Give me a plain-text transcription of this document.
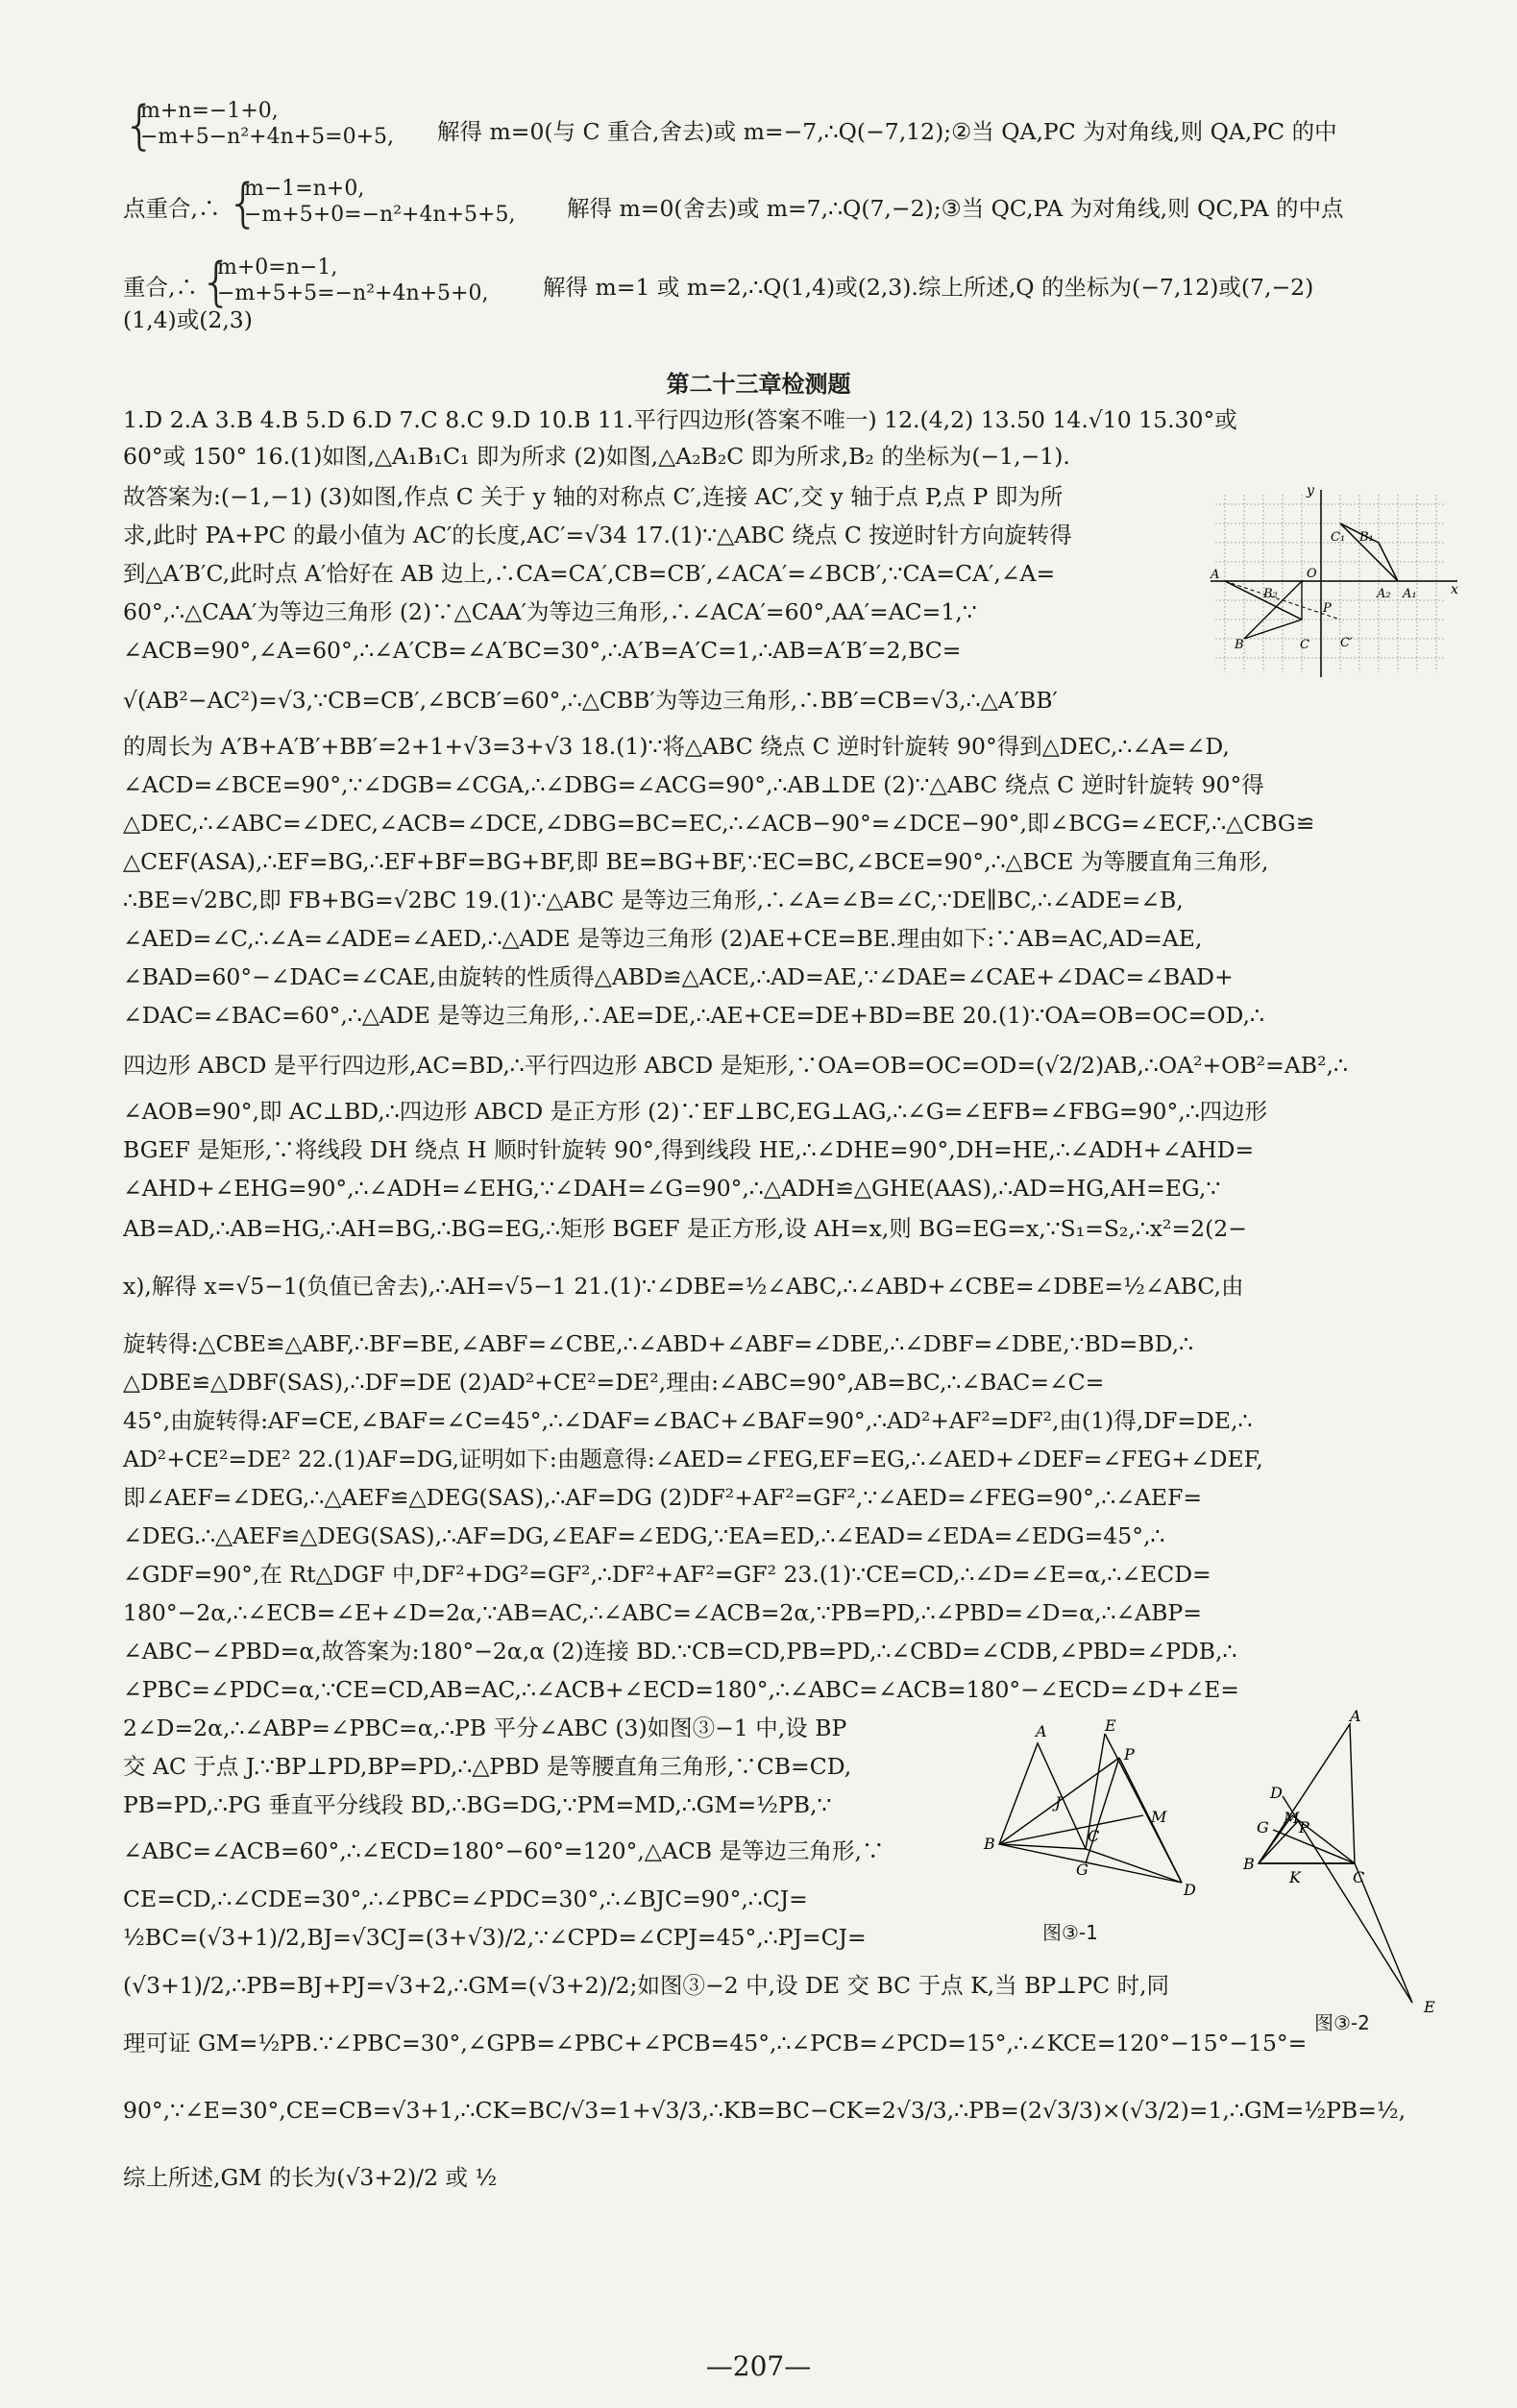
{
m+n=−1+0,
−m+5−n²+4n+5=0+5,	解得 m=0(与 C 重合,舍去)或 m=−7,∴Q(−7,12);②当 QA,PC 为对角线,则 QA,PC 的中
点重合,∴ {
m−1=n+0,
−m+5+0=−n²+4n+5+5,	解得 m=0(舍去)或 m=7,∴Q(7,−2);③当 QC,PA 为对角线,则 QC,PA 的中点
重合,∴ {
m+0=n−1,
−m+5+5=−n²+4n+5+0,	解得 m=1 或 m=2,∴Q(1,4)或(2,3).综上所述,Q 的坐标为(−7,12)或(7,−2)
(1,4)或(2,3)
第二十三章检测题
1.D 2.A 3.B 4.B 5.D 6.D 7.C 8.C 9.D 10.B 11.平行四边形(答案不唯一) 12.(4,2) 13.50 14.√10 15.30°或
60°或 150° 16.(1)如图,△A₁B₁C₁ 即为所求 (2)如图,△A₂B₂C 即为所求,B₂ 的坐标为(−1,−1).
故答案为:(−1,−1) (3)如图,作点 C 关于 y 轴的对称点 C′,连接 AC′,交 y 轴于点 P,点 P 即为所
求,此时 PA+PC 的最小值为 AC′的长度,AC′=√34 17.(1)∵△ABC 绕点 C 按逆时针方向旋转得
到△A′B′C,此时点 A′恰好在 AB 边上,∴CA=CA′,CB=CB′,∠ACA′=∠BCB′,∵CA=CA′,∠A=
60°,∴△CAA′为等边三角形 (2)∵△CAA′为等边三角形,∴∠ACA′=60°,AA′=AC=1,∵
∠ACB=90°,∠A=60°,∴∠A′CB=∠A′BC=30°,∴A′B=A′C=1,∴AB=A′B′=2,BC=
√(AB²−AC²)=√3,∵CB=CB′,∠BCB′=60°,∴△CBB′为等边三角形,∴BB′=CB=√3,∴△A′BB′
的周长为 A′B+A′B′+BB′=2+1+√3=3+√3 18.(1)∵将△ABC 绕点 C 逆时针旋转 90°得到△DEC,∴∠A=∠D,
∠ACD=∠BCE=90°,∵∠DGB=∠CGA,∴∠DBG=∠ACG=90°,∴AB⊥DE (2)∵△ABC 绕点 C 逆时针旋转 90°得
△DEC,∴∠ABC=∠DEC,∠ACB=∠DCE,∠DBG=BC=EC,∴∠ACB−90°=∠DCE−90°,即∠BCG=∠ECF,∴△CBG≌
△CEF(ASA),∴EF=BG,∴EF+BF=BG+BF,即 BE=BG+BF,∵EC=BC,∠BCE=90°,∴△BCE 为等腰直角三角形,
∴BE=√2BC,即 FB+BG=√2BC 19.(1)∵△ABC 是等边三角形,∴∠A=∠B=∠C,∵DE∥BC,∴∠ADE=∠B,
∠AED=∠C,∴∠A=∠ADE=∠AED,∴△ADE 是等边三角形 (2)AE+CE=BE.理由如下:∵AB=AC,AD=AE,
∠BAD=60°−∠DAC=∠CAE,由旋转的性质得△ABD≌△ACE,∴AD=AE,∵∠DAE=∠CAE+∠DAC=∠BAD+
∠DAC=∠BAC=60°,∴△ADE 是等边三角形,∴AE=DE,∴AE+CE=DE+BD=BE 20.(1)∵OA=OB=OC=OD,∴
四边形 ABCD 是平行四边形,AC=BD,∴平行四边形 ABCD 是矩形,∵OA=OB=OC=OD=(√2/2)AB,∴OA²+OB²=AB²,∴
∠AOB=90°,即 AC⊥BD,∴四边形 ABCD 是正方形 (2)∵EF⊥BC,EG⊥AG,∴∠G=∠EFB=∠FBG=90°,∴四边形
BGEF 是矩形,∵将线段 DH 绕点 H 顺时针旋转 90°,得到线段 HE,∴∠DHE=90°,DH=HE,∴∠ADH+∠AHD=
∠AHD+∠EHG=90°,∴∠ADH=∠EHG,∵∠DAH=∠G=90°,∴△ADH≌△GHE(AAS),∴AD=HG,AH=EG,∵
AB=AD,∴AB=HG,∴AH=BG,∴BG=EG,∴矩形 BGEF 是正方形,设 AH=x,则 BG=EG=x,∵S₁=S₂,∴x²=2(2−
x),解得 x=√5−1(负值已舍去),∴AH=√5−1 21.(1)∵∠DBE=½∠ABC,∴∠ABD+∠CBE=∠DBE=½∠ABC,由
旋转得:△CBE≌△ABF,∴BF=BE,∠ABF=∠CBE,∴∠ABD+∠ABF=∠DBE,∴∠DBF=∠DBE,∵BD=BD,∴
△DBE≌△DBF(SAS),∴DF=DE (2)AD²+CE²=DE²,理由:∠ABC=90°,AB=BC,∴∠BAC=∠C=
45°,由旋转得:AF=CE,∠BAF=∠C=45°,∴∠DAF=∠BAC+∠BAF=90°,∴AD²+AF²=DF²,由(1)得,DF=DE,∴
AD²+CE²=DE² 22.(1)AF=DG,证明如下:由题意得:∠AED=∠FEG,EF=EG,∴∠AED+∠DEF=∠FEG+∠DEF,
即∠AEF=∠DEG,∴△AEF≌△DEG(SAS),∴AF=DG (2)DF²+AF²=GF²,∵∠AED=∠FEG=90°,∴∠AEF=
∠DEG.∴△AEF≌△DEG(SAS),∴AF=DG,∠EAF=∠EDG,∵EA=ED,∴∠EAD=∠EDA=∠EDG=45°,∴
∠GDF=90°,在 Rt△DGF 中,DF²+DG²=GF²,∴DF²+AF²=GF² 23.(1)∵CE=CD,∴∠D=∠E=α,∴∠ECD=
180°−2α,∴∠ECB=∠E+∠D=2α,∵AB=AC,∴∠ABC=∠ACB=2α,∵PB=PD,∴∠PBD=∠D=α,∴∠ABP=
∠ABC−∠PBD=α,故答案为:180°−2α,α (2)连接 BD.∵CB=CD,PB=PD,∴∠CBD=∠CDB,∠PBD=∠PDB,∴
∠PBC=∠PDC=α,∵CE=CD,AB=AC,∴∠ACB+∠ECD=180°,∴∠ABC=∠ACB=180°−∠ECD=∠D+∠E=
2∠D=2α,∴∠ABP=∠PBC=α,∴PB 平分∠ABC (3)如图③−1 中,设 BP
交 AC 于点 J.∵BP⊥PD,BP=PD,∴△PBD 是等腰直角三角形,∵CB=CD,
PB=PD,∴PG 垂直平分线段 BD,∴BG=DG,∵PM=MD,∴GM=½PB,∵
∠ABC=∠ACB=60°,∴∠ECD=180°−60°=120°,△ACB 是等边三角形,∵
CE=CD,∴∠CDE=30°,∴∠PBC=∠PDC=30°,∴∠BJC=90°,∴CJ=
½BC=(√3+1)/2,BJ=√3CJ=(3+√3)/2,∵∠CPD=∠CPJ=45°,∴PJ=CJ=
(√3+1)/2,∴PB=BJ+PJ=√3+2,∴GM=(√3+2)/2;如图③−2 中,设 DE 交 BC 于点 K,当 BP⊥PC 时,同
理可证 GM=½PB.∵∠PBC=30°,∠GPB=∠PBC+∠PCB=45°,∴∠PCB=∠PCD=15°,∴∠KCE=120°−15°−15°=
90°,∵∠E=30°,CE=CB=√3+1,∴CK=BC/√3=1+√3/3,∴KB=BC−CK=2√3/3,∴PB=(2√3/3)×(√3/2)=1,∴GM=½PB=½,
综上所述,GM 的长为(√3+2)/2 或 ½
y
x
O
C₁ B₁
A
B₂	A₂ A₁
P
B	C C′
A	E
P
J
M
C
G
B
D
图③-1
A
D
G
M
P
B
K	C
E
图③-2
—207—
